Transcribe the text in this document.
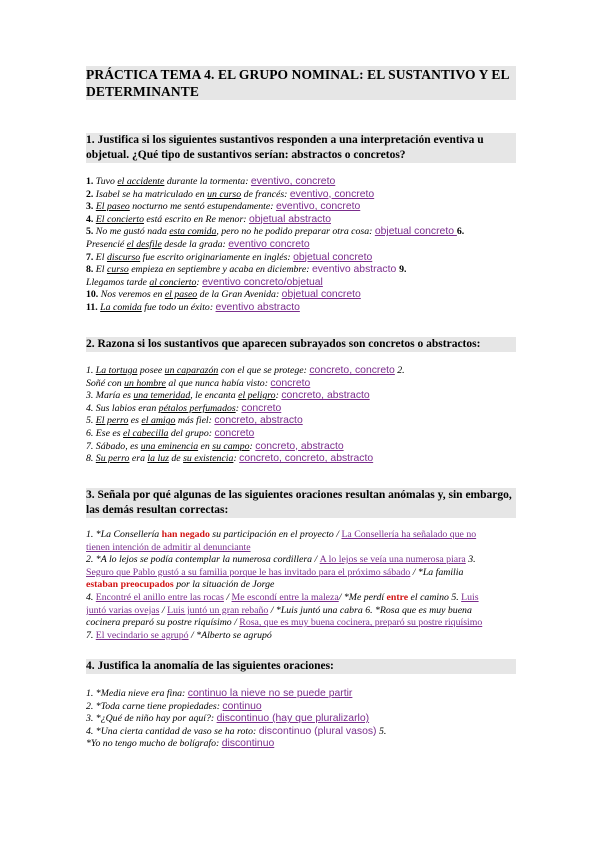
PRÁCTICA TEMA 4. EL GRUPO NOMINAL: EL SUSTANTIVO Y EL DETERMINANTE
1. Justifica si los siguientes sustantivos responden a una interpretación eventiva u objetual. ¿Qué tipo de sustantivos serían: abstractos o concretos?
1. Tuvo el accidente durante la tormenta: eventivo, concreto
2. Isabel se ha matriculado en un curso de francés: eventivo, concreto
3. El paseo nocturno me sentó estupendamente: eventivo, concreto
4. El concierto está escrito en Re menor: objetual abstracto
5. No me gustó nada esta comida, pero no he podido preparar otra cosa: objetual concreto 6.
Presencié el desfile desde la grada: eventivo concreto
7. El discurso fue escrito originariamente en inglés: objetual concreto
8. El curso empieza en septiembre y acaba en diciembre: eventivo abstracto 9.
Llegamos tarde al concierto: eventivo concreto/objetual
10. Nos veremos en el paseo de la Gran Avenida: objetual concreto
11. La comida fue todo un éxito: eventivo abstracto
2. Razona si los sustantivos que aparecen subrayados son concretos o abstractos:
1. La tortuga posee un caparazón con el que se protege: concreto, concreto 2.
Soñé con un hombre al que nunca había visto: concreto
3. María es una temeridad, le encanta el peligro: concreto, abstracto
4. Sus labios eran pétalos perfumados: concreto
5. El perro es el amigo más fiel: concreto, abstracto
6. Ese es el cabecilla del grupo: concreto
7. Sábado, es una eminencia en su campo: concreto, abstracto
8. Su perro era la luz de su existencia: concreto, concreto, abstracto
3. Señala por qué algunas de las siguientes oraciones resultan anómalas y, sin embargo, las demás resultan correctas:
1. *La Consellería han negado su participación en el proyecto / La Consellería ha señalado que no
tienen intención de admitir al denunciante
2. *A lo lejos se podía contemplar la numerosa cordillera / A lo lejos se veía una numerosa piara 3.
Seguro que Pablo gustó a su familia porque le has invitado para el próximo sábado / *La familia
estaban preocupados por la situación de Jorge
4. Encontré el anillo entre las rocas / Me escondí entre la maleza/ *Me perdí entre el camino 5. Luis
juntó varias ovejas / Luis juntó un gran rebaño / *Luis juntó una cabra 6. *Rosa que es muy buena
cocinera preparó su postre riquísimo / Rosa, que es muy buena cocinera, preparó su postre riquísimo
7. El vecindario se agrupó / *Alberto se agrupó
4. Justifica la anomalía de las siguientes oraciones:
1. *Media nieve era fina: continuo la nieve no se puede partir
2. *Toda carne tiene propiedades: continuo
3. *¿Qué de niño hay por aquí?: discontinuo (hay que pluralizarlo)
4. *Una cierta cantidad de vaso se ha roto: discontinuo (plural vasos) 5.
*Yo no tengo mucho de bolígrafo: discontinuo
